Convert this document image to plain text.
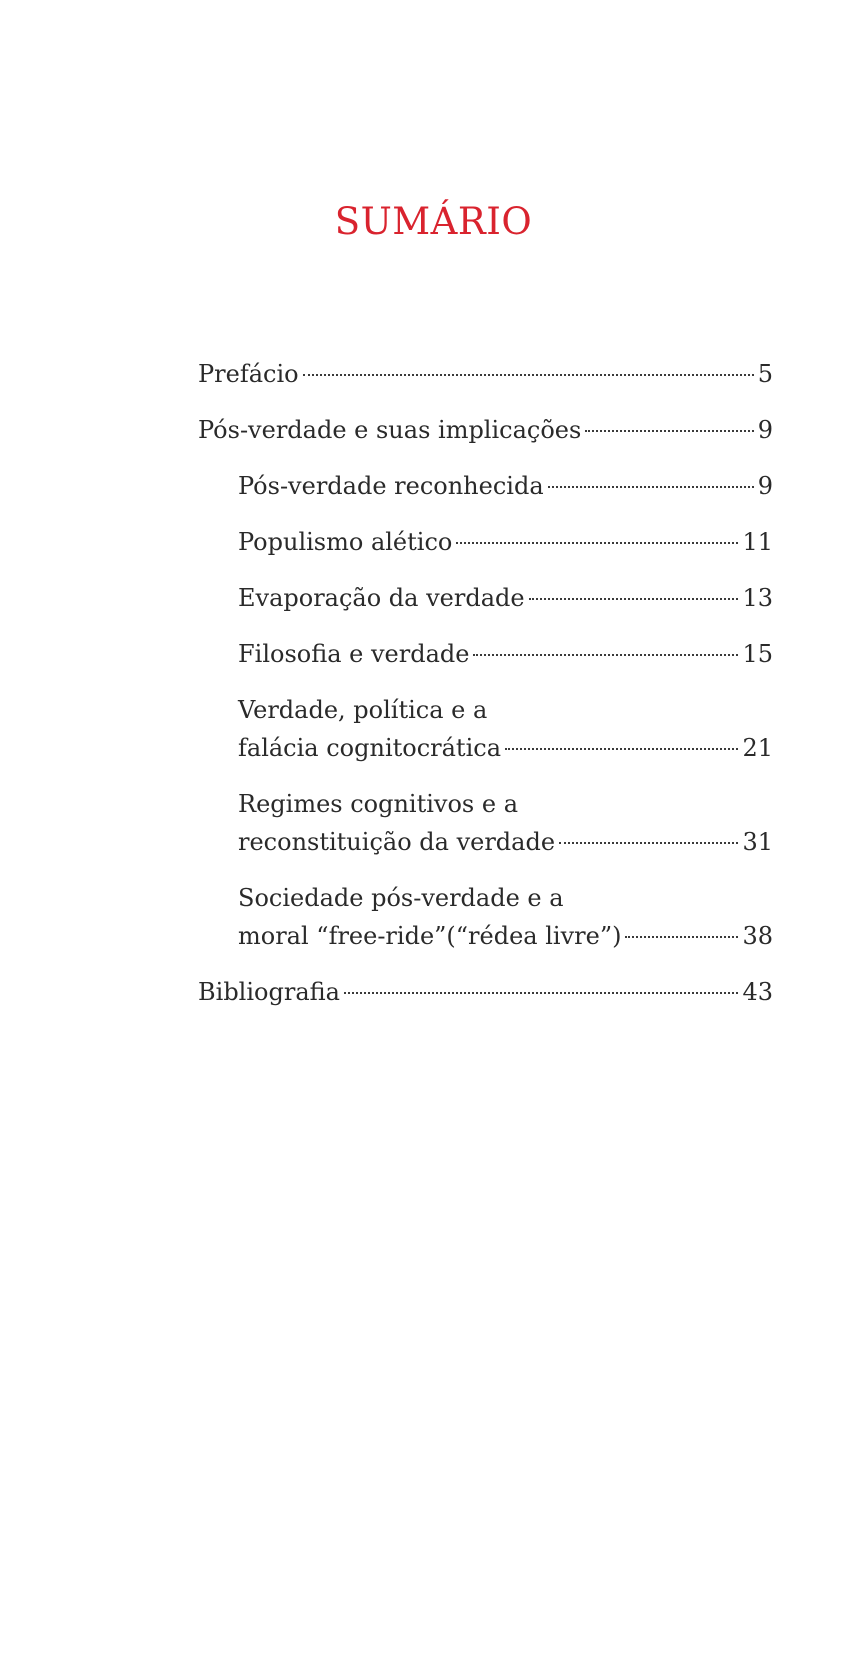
SUMÁRIO
Prefácio	5
Pós-verdade e suas implicações	9
Pós-verdade reconhecida	9
Populismo alético	11
Evaporação da verdade	13
Filosofia e verdade	15
Verdade, política e a
falácia cognitocrática	21
Regimes cognitivos e a
reconstituição da verdade	31
Sociedade pós-verdade e a
moral “free-ride”(“rédea livre”)	38
Bibliografia	43
